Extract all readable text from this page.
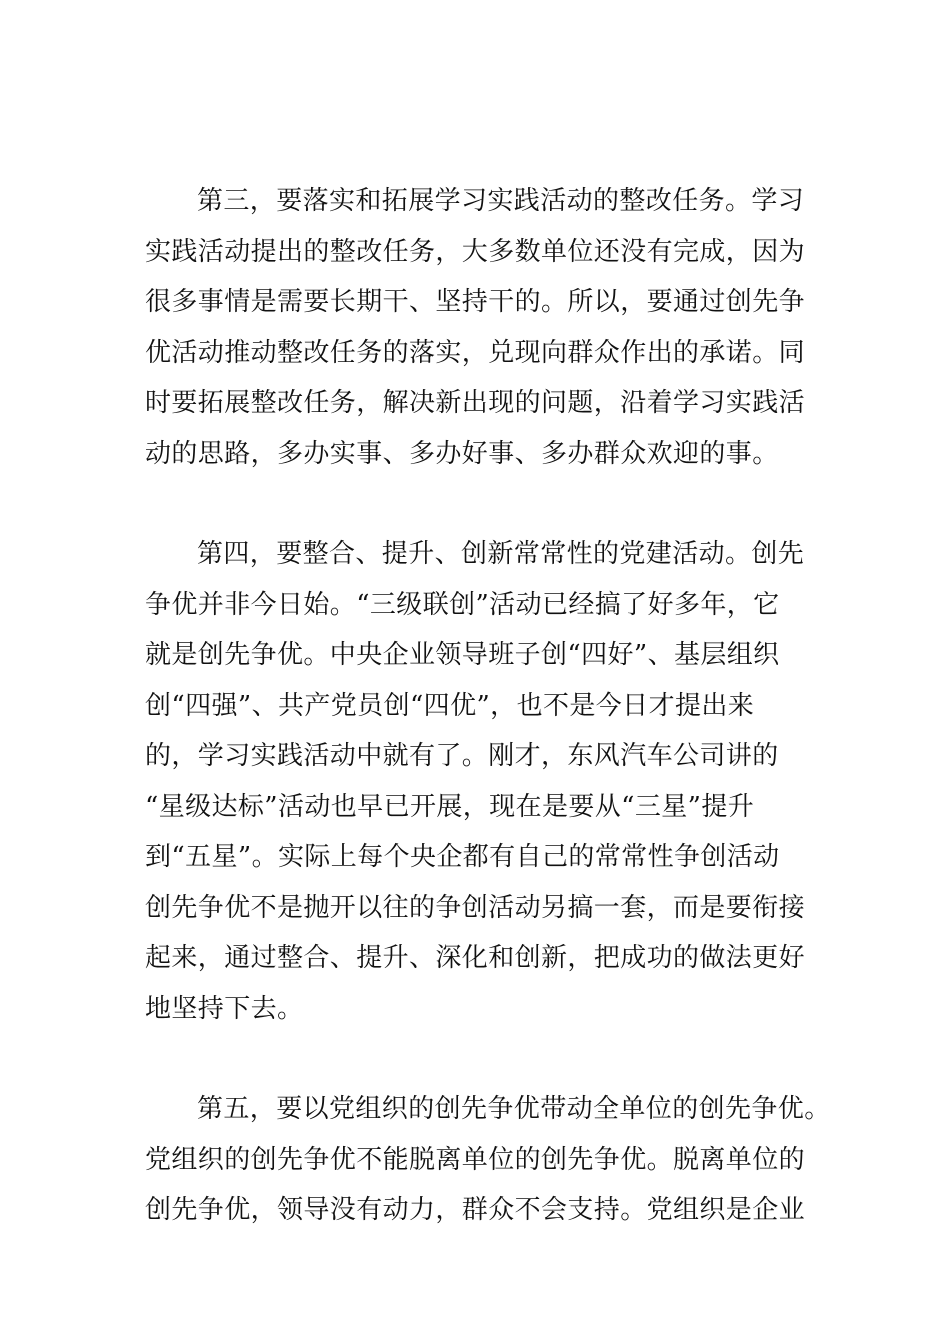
第三，要落实和拓展学习实践活动的整改任务。学习
实践活动提出的整改任务，大多数单位还没有完成，因为
很多事情是需要长期干、坚持干的。所以，要通过创先争
优活动推动整改任务的落实，兑现向群众作出的承诺。同
时要拓展整改任务，解决新出现的问题，沿着学习实践活
动的思路，多办实事、多办好事、多办群众欢迎的事。
第四，要整合、提升、创新常常性的党建活动。创先
争优并非今日始。“三级联创”活动已经搞了好多年，它
就是创先争优。中央企业领导班子创“四好”、基层组织
创“四强”、共产党员创“四优”，也不是今日才提出来
的，学习实践活动中就有了。刚才，东风汽车公司讲的
“星级达标”活动也早已开展，现在是要从“三星”提升
到“五星”。实际上每个央企都有自己的常常性争创活动
创先争优不是抛开以往的争创活动另搞一套，而是要衔接
起来，通过整合、提升、深化和创新，把成功的做法更好
地坚持下去。
第五，要以党组织的创先争优带动全单位的创先争优。
党组织的创先争优不能脱离单位的创先争优。脱离单位的
创先争优，领导没有动力，群众不会支持。党组织是企业
